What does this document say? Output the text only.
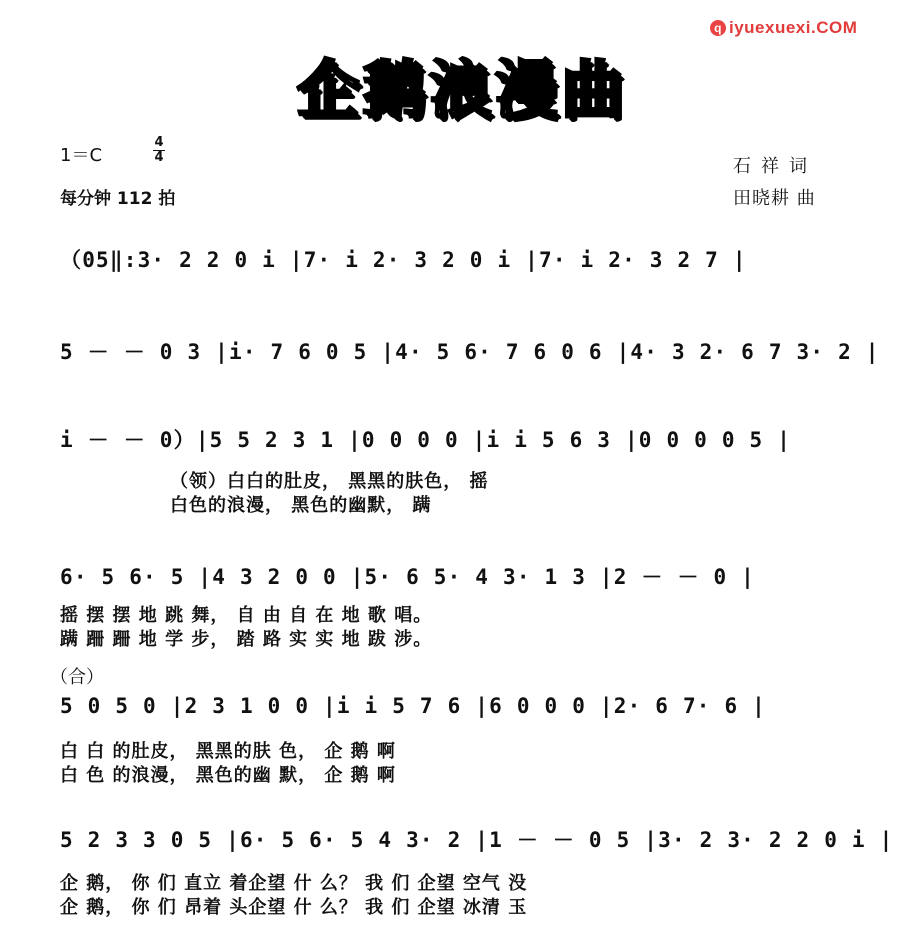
q iyuexuexi.COM
企鹅浪漫曲
1＝C
4
4
每分钟 112 拍
石祥词
田晓耕 曲
（05‖:3· 2 2 0 i |7· i 2· 3 2 0 i |7· i 2· 3 2 7 |
5 － － 0 3 |i· 7 6 0 5 |4· 5 6· 7 6 0 6 |4· 3 2· 6 7 3· 2 |
i － － 0）|5 5 2 3 1 |0 0 0 0 |i i 5 6 3 |0 0 0 0 5 |
（领）白白的肚皮， 黑黑的肤色， 摇
白色的浪漫， 黑色的幽默， 蹒
6· 5 6· 5 |4 3 2 0 0 |5· 6 5· 4 3· 1 3 |2 － － 0 |
摇 摆 摆 地 跳 舞， 自 由 自 在 地 歌 唱。
蹒 跚 跚 地 学 步， 踏 路 实 实 地 跋 涉。
（合）
5 0 5 0 |2 3 1 0 0 |i i 5 7 6 |6 0 0 0 |2· 6 7· 6 |
白 白 的肚皮， 黑黑的肤 色， 企 鹅 啊
白 色 的浪漫， 黑色的幽 默， 企 鹅 啊
5 2 3 3 0 5 |6· 5 6· 5 4 3· 2 |1 － － 0 5 |3· 2 3· 2 2 0 i |
企 鹅， 你 们 直立 着企望 什 么？ 我 们 企望 空气 没
企 鹅， 你 们 昂着 头企望 什 么？ 我 们 企望 冰清 玉
